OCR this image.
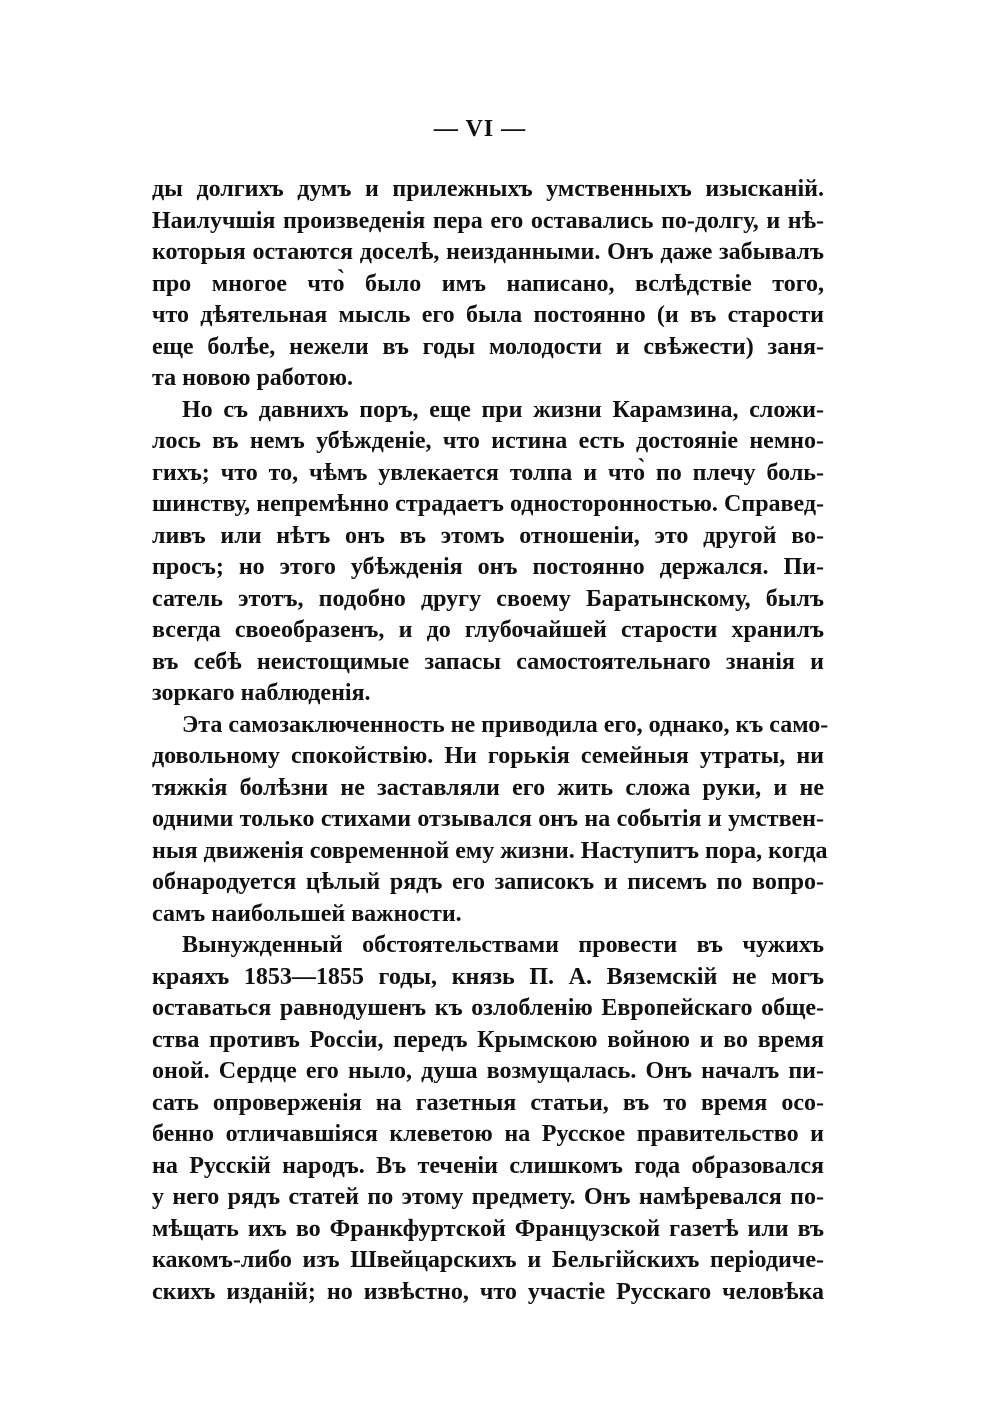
— VI —
ды долгихъ думъ и прилежныхъ умственныхъ изысканій.
Наилучшія произведенія пера его оставались по-долгу, и нѣ-
которыя остаются доселѣ, неизданными. Онъ даже забывалъ
про многое что̀ было имъ написано, вслѣдствіе того,
что дѣятельная мысль его была постоянно (и въ старости
еще болѣе, нежели въ годы молодости и свѣжести) заня-
та новою работою.
Но съ давнихъ поръ, еще при жизни Карамзина, сложи-
лось въ немъ убѣжденіе, что истина есть достояніе немно-
гихъ; что то, чѣмъ увлекается толпа и что̀ по плечу боль-
шинству, непремѣнно страдаетъ односторонностью. Справед-
ливъ или нѣтъ онъ въ этомъ отношеніи, это другой во-
просъ; но этого убѣжденія онъ постоянно держался. Пи-
сатель этотъ, подобно другу своему Баратынскому, былъ
всегда своеобразенъ, и до глубочайшей старости хранилъ
въ себѣ неистощимые запасы самостоятельнаго знанія и
зоркаго наблюденія.
Эта самозаключенность не приводила его, однако, къ само-
довольному спокойствію. Ни горькія семейныя утраты, ни
тяжкія болѣзни не заставляли его жить сложа руки, и не
одними только стихами отзывался онъ на событія и умствен-
ныя движенія современной ему жизни. Наступитъ пора, когда
обнародуется цѣлый рядъ его записокъ и писемъ по вопро-
самъ наибольшей важности.
Вынужденный обстоятельствами провести въ чужихъ
краяхъ 1853—1855 годы, князь П. А. Вяземскій не могъ
оставаться равнодушенъ къ озлобленію Европейскаго обще-
ства противъ Россіи, передъ Крымскою войною и во время
оной. Сердце его ныло, душа возмущалась. Онъ началъ пи-
сать опроверженія на газетныя статьи, въ то время осо-
бенно отличавшіяся клеветою на Русское правительство и
на Русскій народъ. Въ теченіи слишкомъ года образовался
у него рядъ статей по этому предмету. Онъ намѣревался по-
мѣщать ихъ во Франкфуртской Французской газетѣ или въ
какомъ-либо изъ Швейцарскихъ и Бельгійскихъ періодиче-
скихъ изданій; но извѣстно, что участіе Русскаго человѣка
